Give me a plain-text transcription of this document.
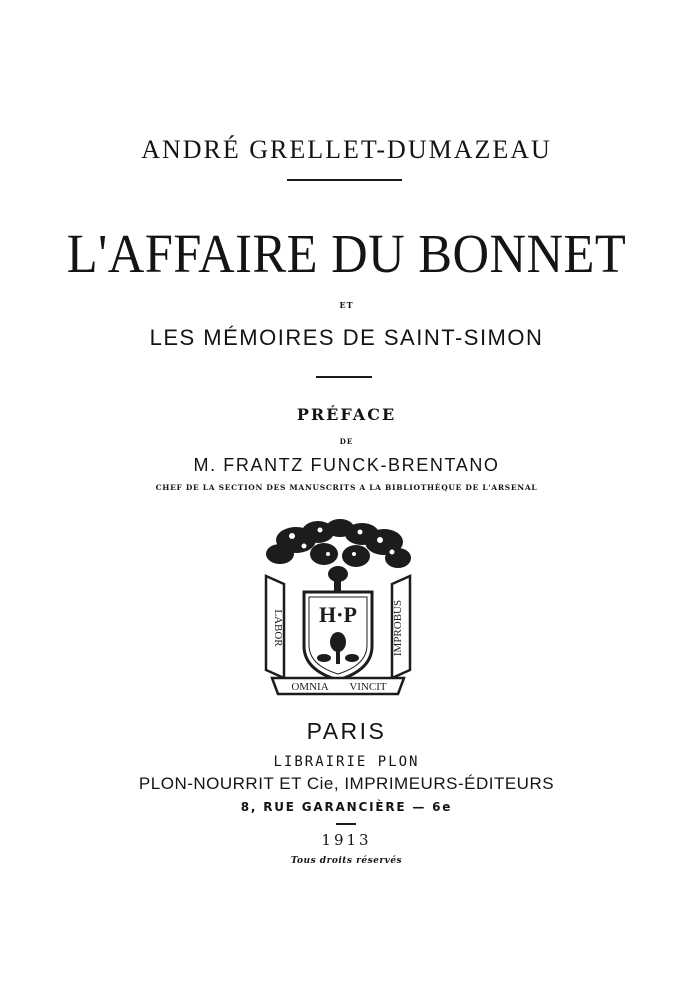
ANDRÉ GRELLET-DUMAZEAU
L'AFFAIRE DU BONNET
ET
LES MÉMOIRES DE SAINT-SIMON
PRÉFACE
DE
M. FRANTZ FUNCK-BRENTANO
CHEF DE LA SECTION DES MANUSCRITS A LA BIBLIOTHÈQUE DE L'ARSENAL
LABOR	IMPROBUS
H·P
OMNIA VINCIT
PARIS
LIBRAIRIE PLON
PLON-NOURRIT ET Cie, IMPRIMEURS-ÉDITEURS
8, RUE GARANCIÈRE — 6e
1913
Tous droits réservés
